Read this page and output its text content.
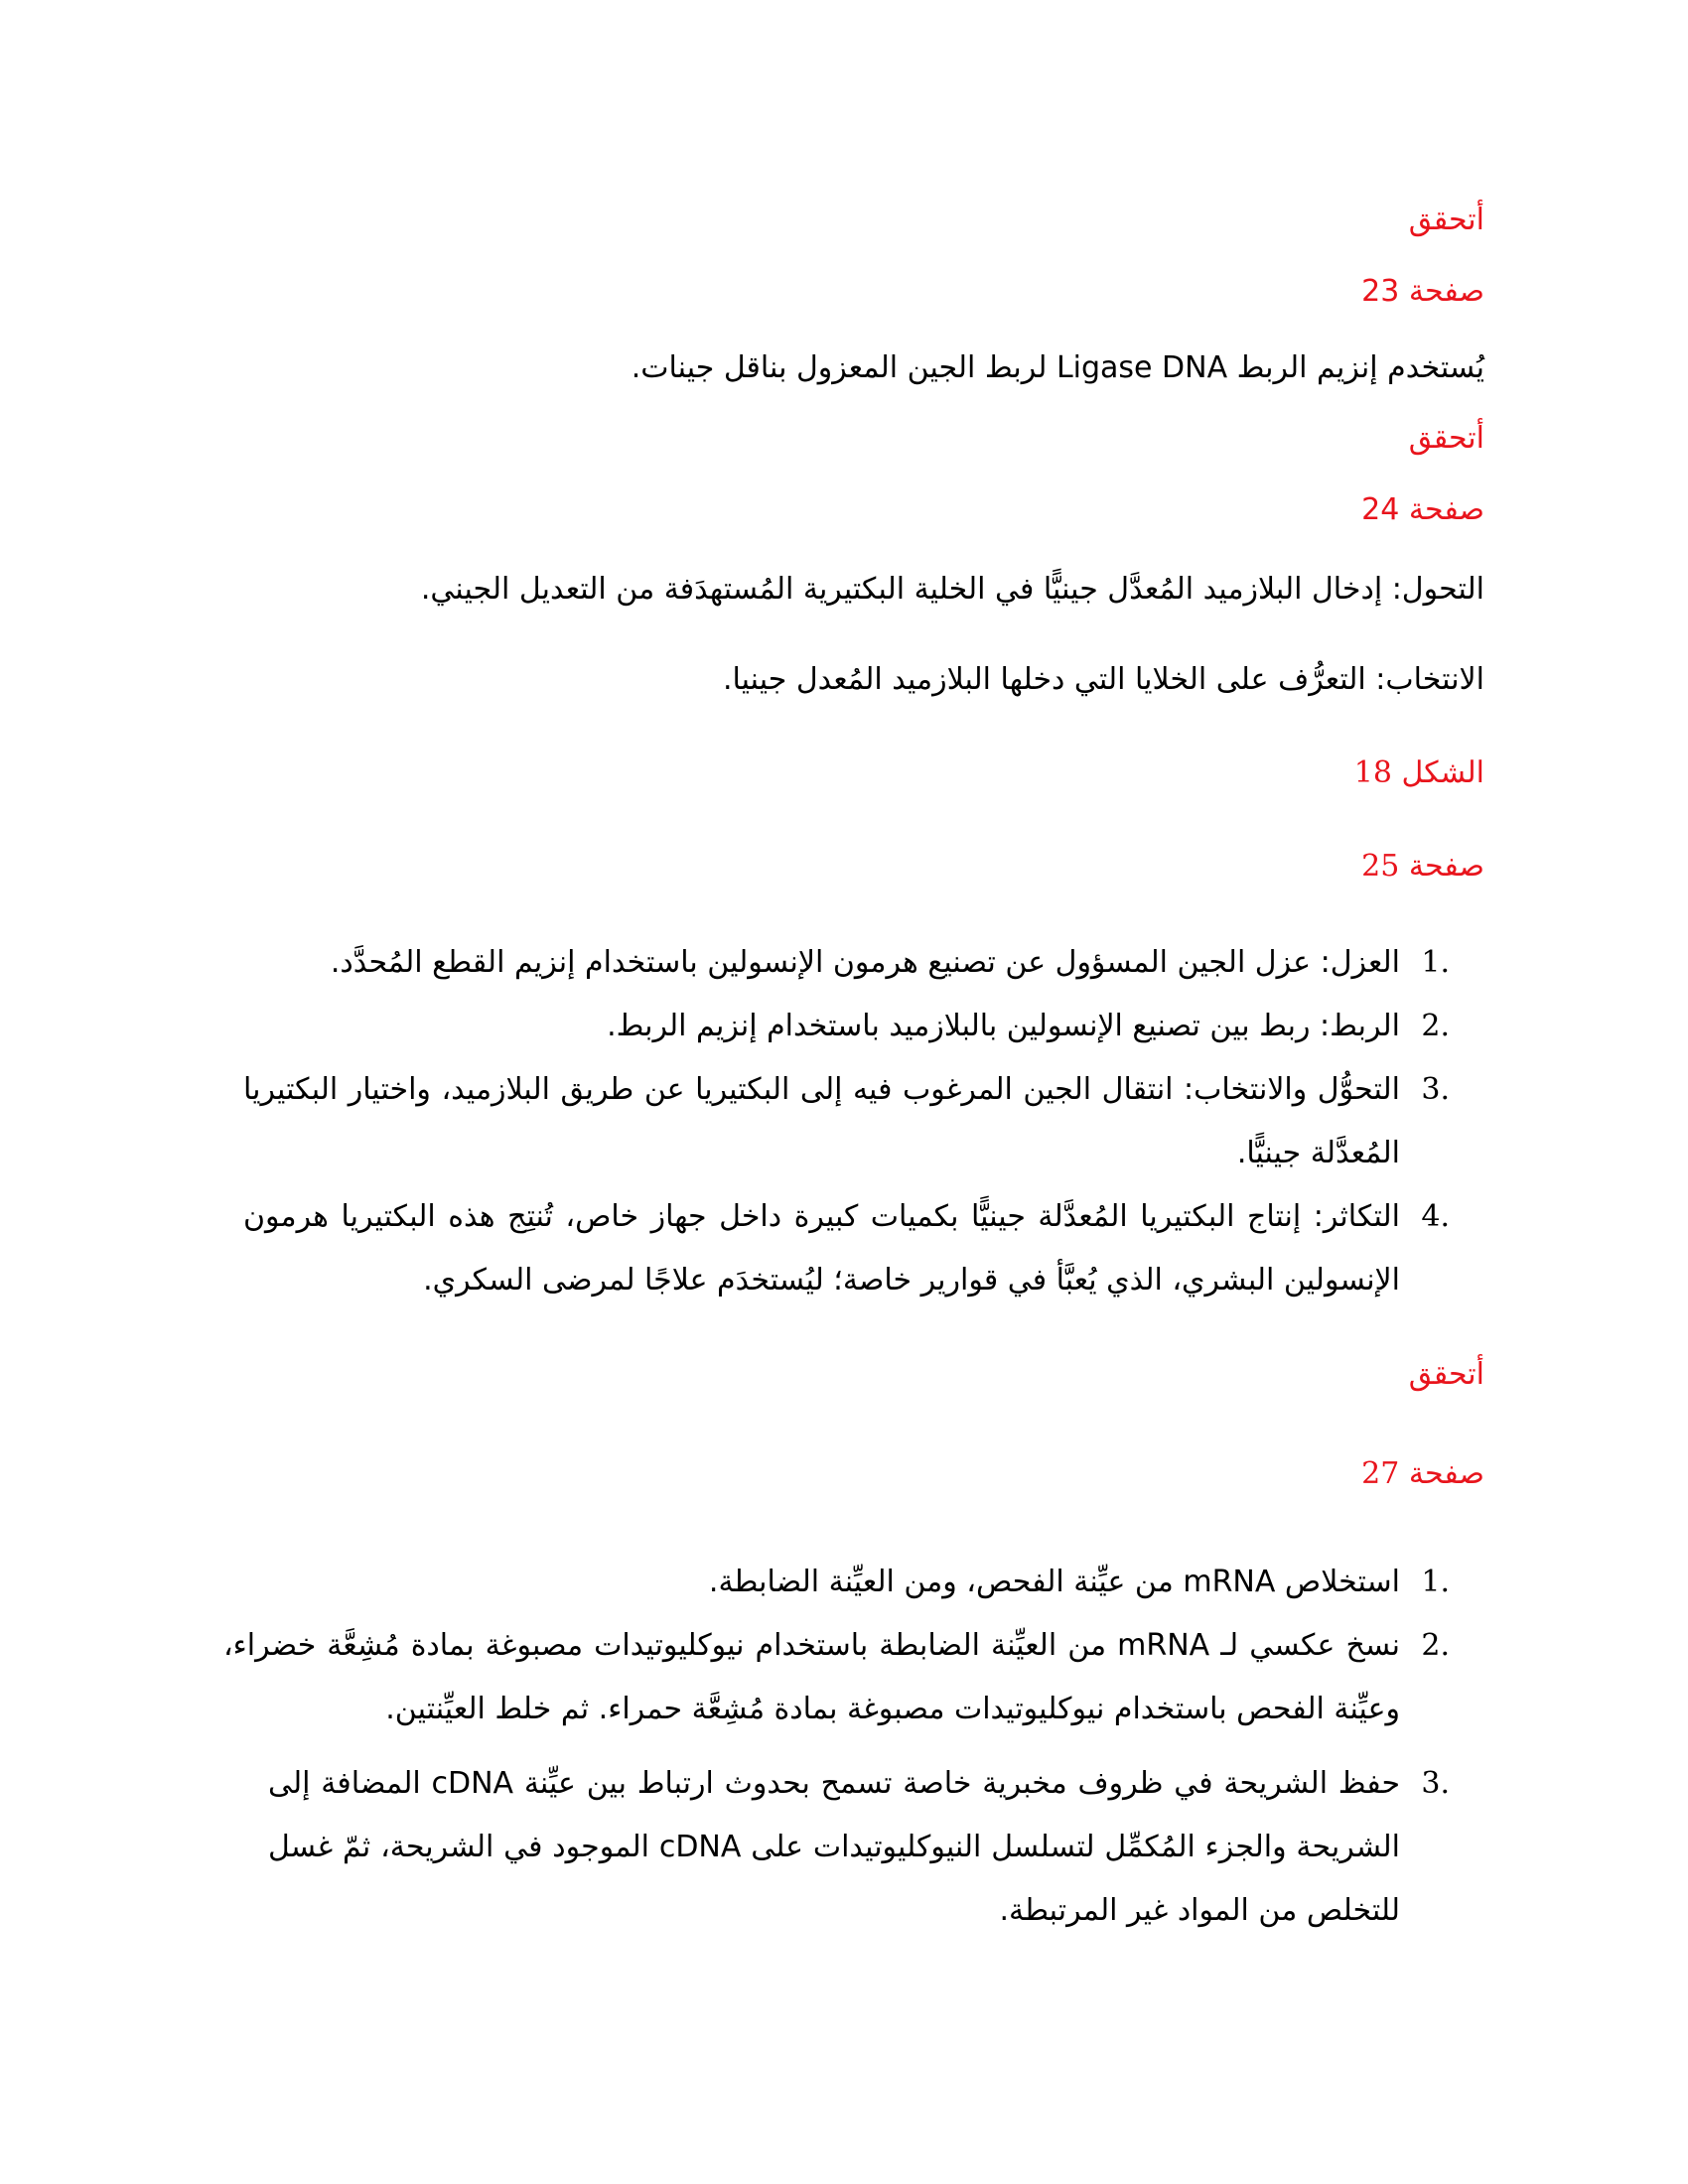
أتحقق
صفحة 23
يُستخدم إنزيم الربط Ligase DNA لربط الجين المعزول بناقل جينات.
أتحقق
صفحة 24
التحول: إدخال البلازميد المُعدَّل جينيًّا في الخلية البكتيرية المُستهدَفة من التعديل الجيني.
الانتخاب: التعرُّف على الخلايا التي دخلها البلازميد المُعدل جينيا.
الشكل 18
صفحة 25
1.
العزل: عزل الجين المسؤول عن تصنيع هرمون الإنسولين باستخدام إنزيم القطع المُحدَّد.
2.
الربط: ربط بين تصنيع الإنسولين بالبلازميد باستخدام إنزيم الربط.
3.
التحوُّل والانتخاب: انتقال الجين المرغوب فيه إلى البكتيريا عن طريق البلازميد، واختيار البكتيريا المُعدَّلة جينيًّا.
4.
التكاثر: إنتاج البكتيريا المُعدَّلة جينيًّا بكميات كبيرة داخل جهاز خاص، تُنتِج هذه البكتيريا هرمون الإنسولين البشري، الذي يُعبَّأ في قوارير خاصة؛ ليُستخدَم علاجًا لمرضى السكري.
أتحقق
صفحة 27
1.
استخلاص mRNA من عيِّنة الفحص، ومن العيِّنة الضابطة.
2.
نسخ عكسي لـ mRNA من العيِّنة الضابطة باستخدام نيوكليوتيدات مصبوغة بمادة مُشِعَّة خضراء، وعيِّنة الفحص باستخدام نيوكليوتيدات مصبوغة بمادة مُشِعَّة حمراء. ثم خلط العيِّنتين.
3.
حفظ الشريحة في ظروف مخبرية خاصة تسمح بحدوث ارتباط بين عيِّنة cDNA المضافة إلى الشريحة والجزء المُكمِّل لتسلسل النيوكليوتيدات على cDNA الموجود في الشريحة، ثمّ غسل للتخلص من المواد غير المرتبطة.
